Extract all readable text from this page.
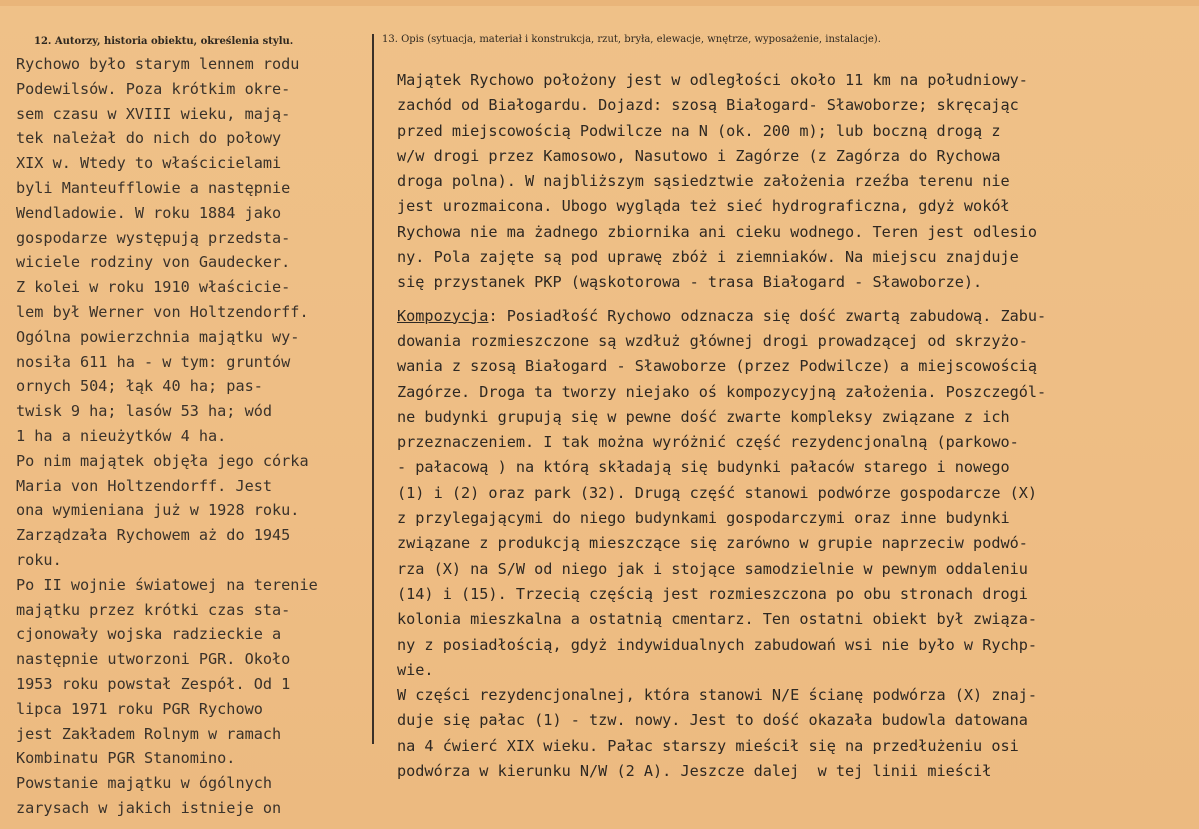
12. Autorzy, historia obiektu, określenia stylu.	13. Opis (sytuacja, materiał i konstrukcja, rzut, bryła, elewacje, wnętrze, wyposażenie, instalacje).
Rychowo było starym lennem rodu
Podewilsów. Poza krótkim okre-
sem czasu w XVIII wieku, mają-
tek należał do nich do połowy
XIX w. Wtedy to właścicielami
byli Manteufflowie a następnie
Wendladowie. W roku 1884 jako
gospodarze występują przedsta-
wiciele rodziny von Gaudecker.
Z kolei w roku 1910 właściciе-
lem był Werner von Holtzendorff.
Ogólna powierzchnia majątku wy-
nosiła 611 ha - w tym: gruntów
ornych 504; łąk 40 ha; pas-
twisk 9 ha; lasów 53 ha; wód
1 ha a nieużytków 4 ha.
Po nim majątek objęła jego córka
Maria von Holtzendorff. Jest
ona wymieniana już w 1928 roku.
Zarządzała Rychowem aż do 1945
roku.
Po II wojnie światowej na terenie
majątku przez krótki czas sta-
cjonowały wojska radzieckie a
następnie utworzoni PGR. Około
1953 roku powstał Zespół. Od 1
lipca 1971 roku PGR Rychowo
jest Zakładem Rolnym w ramach
Kombinatu PGR Stanomino.
Powstanie majątku w ógólnych
zarysach w jakich istnieje on
Majątek Rychowo położony jest w odległości około 11 km na południowy-
zachód od Białogardu. Dojazd: szosą Białogard- Sławoborze; skręcając
przed miejscowością Podwilcze na N (ok. 200 m); lub boczną drogą z
w/w drogi przez Kamosowo, Nasutowo i Zagórze (z Zagórza do Rychowa
droga polna). W najbliższym sąsiedztwie założenia rzeźba terenu nie
jest urozmaicona. Ubogo wygląda też sieć hydrograficzna, gdyż wokół
Rychowa nie ma żadnego zbiornika ani cieku wodnego. Teren jest odlesio
ny. Pola zajęte są pod uprawę zbóż i ziemniaków. Na miejscu znajduje
się przystanek PKP (wąskotorowa - trasa Białogard - Sławoborze).
Kompozycja: Posiadłość Rychowo odznacza się dość zwartą zabudową. Zabu-
dowania rozmieszczone są wzdłuż głównej drogi prowadzącej od skrzyżo-
wania z szosą Białogard - Sławoborze (przez Podwilcze) a miejscowością
Zagórze. Droga ta tworzy niejako oś kompozycyjną założenia. Poszczegól-
ne budynki grupują się w pewne dość zwarte kompleksy związane z ich
przeznaczeniem. I tak można wyróżnić część rezydencjonalną (parkowo-
- pałacową ) na którą składają się budynki pałaców starego i nowego
(1) i (2) oraz park (32). Drugą część stanowi podwórze gospodarcze (X)
z przylegającymi do niego budynkami gospodarczymi oraz inne budynki
związane z produkcją mieszczące się zarówno w grupie naprzeciw podwó-
rza (X) na S/W od niego jak i stojące samodzielnie w pewnym oddaleniu
(14) i (15). Trzecią częścią jest rozmieszczona po obu stronach drogi
kolonia mieszkalna a ostatnią cmentarz. Ten ostatni obiekt był związa-
ny z posiadłością, gdyż indywidualnych zabudowań wsi nie było w Rychp-
wie.
W części rezydencjonalnej, która stanowi N/E ścianę podwórza (X) znaj-
duje się pałac (1) - tzw. nowy. Jest to dość okazała budowla datowana
na 4 ćwierć XIX wieku. Pałac starszy mieścił się na przedłużeniu osi
podwórza w kierunku N/W (2 A). Jeszcze dalej  w tej linii mieścił
